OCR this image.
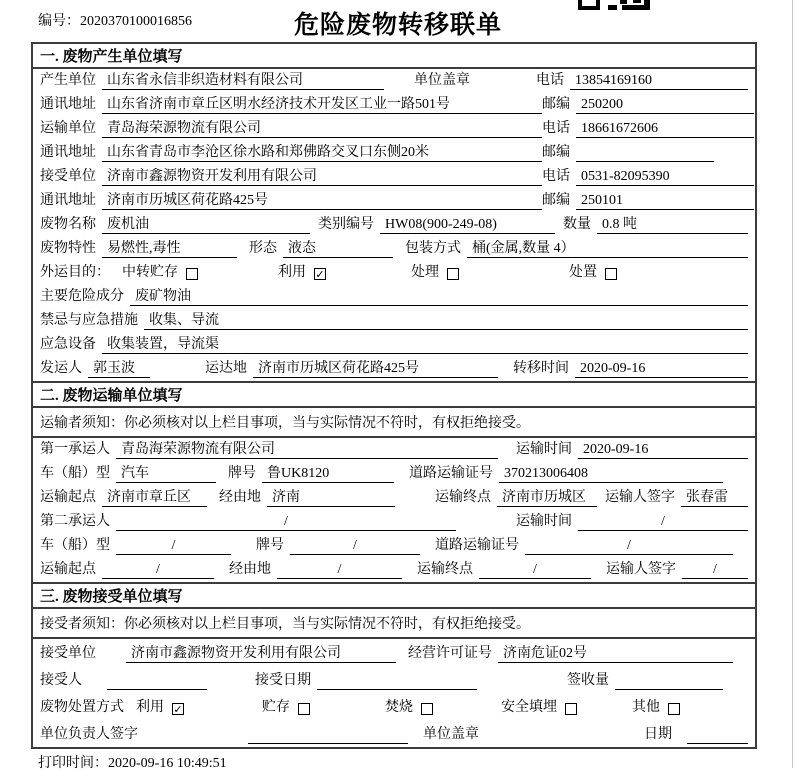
编号：2020370100016856	危险废物转移联单
一. 废物产生单位填写
产生单位 山东省永信非织造材料有限公司	单位盖章	电话 13854169160
通讯地址 山东省济南市章丘区明水经济技术开发区工业一路501号	邮编 250200
运输单位 青岛海荣源物流有限公司	电话 18661672606
通讯地址 山东省青岛市李沧区徐水路和郑佛路交叉口东侧20米	邮编
接受单位 济南市鑫源物资开发利用有限公司	电话 0531-82095390
通讯地址 济南市历城区荷花路425号	邮编 250101
废物名称 废机油	类别编号 HW08(900-249-08)	数量 0.8 吨
废物特性 易燃性,毒性	形态 液态	包装方式 桶(金属,数量 4）
外运目的： 中转贮存	利用 ✓	处理	处置
主要危险成分 废矿物油
禁忌与应急措施 收集、导流
应急设备 收集装置，导流渠
发运人 郭玉波	运达地 济南市历城区荷花路425号	转移时间 2020-09-16
二. 废物运输单位填写
运输者须知：你必须核对以上栏目事项，当与实际情况不符时，有权拒绝接受。
第一承运人 青岛海荣源物流有限公司	运输时间 2020-09-16
车（船）型 汽车	牌号 鲁UK8120	道路运输证号 370213006408
运输起点 济南市章丘区	经由地 济南	运输终点 济南市历城区	运输人签字 张春雷
第二承运人	/	运输时间	/
车（船）型	/	牌号	/	道路运输证号	/
运输起点	/	经由地	/	运输终点	/	运输人签字	/
三. 废物接受单位填写
接受者须知：你必须核对以上栏目事项，当与实际情况不符时，有权拒绝接受。
接受单位	济南市鑫源物资开发利用有限公司	经营许可证号 济南危证02号
接受人	接受日期	签收量
废物处置方式 利用 ✓	贮存	焚烧	安全填埋	其他
单位负责人签字	单位盖章	日期
打印时间：2020-09-16 10:49:51
